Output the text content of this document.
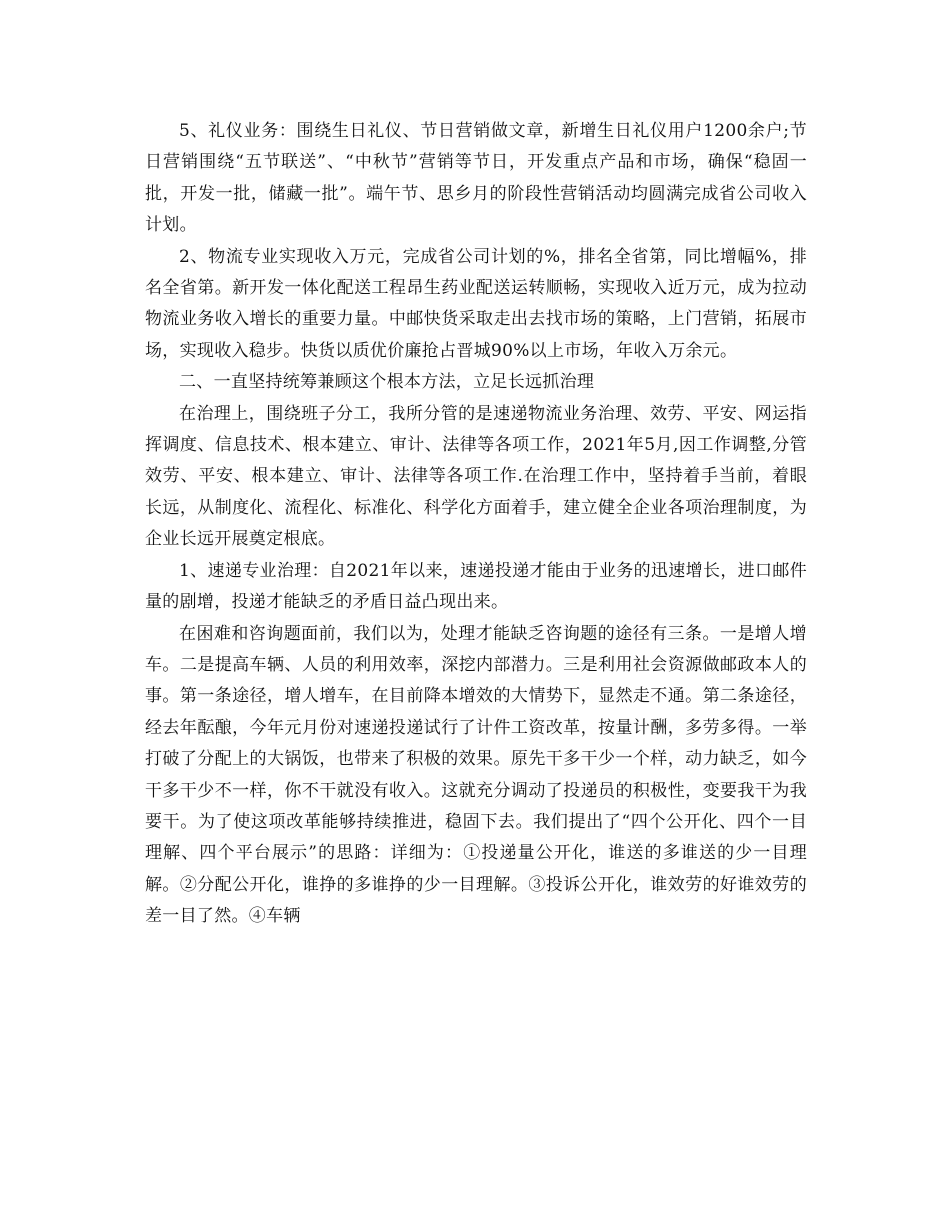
5、礼仪业务：围绕生日礼仪、节日营销做文章，新增生日礼仪用户1200余户;节日营销围绕“五节联送”、“中秋节”营销等节日，开发重点产品和市场，确保“稳固一批，开发一批，储藏一批”。端午节、思乡月的阶段性营销活动均圆满完成省公司收入计划。

2、物流专业实现收入万元，完成省公司计划的%，排名全省第，同比增幅%，排名全省第。新开发一体化配送工程昂生药业配送运转顺畅，实现收入近万元，成为拉动物流业务收入增长的重要力量。中邮快货采取走出去找市场的策略，上门营销，拓展市场，实现收入稳步。快货以质优价廉抢占晋城90%以上市场，年收入万余元。

二、一直坚持统筹兼顾这个根本方法，立足长远抓治理

在治理上，围绕班子分工，我所分管的是速递物流业务治理、效劳、平安、网运指挥调度、信息技术、根本建立、审计、法律等各项工作，2021年5月,因工作调整,分管效劳、平安、根本建立、审计、法律等各项工作.在治理工作中，坚持着手当前，着眼长远，从制度化、流程化、标准化、科学化方面着手，建立健全企业各项治理制度，为企业长远开展奠定根底。

1、速递专业治理：自2021年以来，速递投递才能由于业务的迅速增长，进口邮件量的剧增，投递才能缺乏的矛盾日益凸现出来。

在困难和咨询题面前，我们以为，处理才能缺乏咨询题的途径有三条。一是增人增车。二是提高车辆、人员的利用效率，深挖内部潜力。三是利用社会资源做邮政本人的事。第一条途径，增人增车，在目前降本增效的大情势下，显然走不通。第二条途径，经去年酝酿，今年元月份对速递投递试行了计件工资改革，按量计酬，多劳多得。一举打破了分配上的大锅饭，也带来了积极的效果。原先干多干少一个样，动力缺乏，如今干多干少不一样，你不干就没有收入。这就充分调动了投递员的积极性，变要我干为我要干。为了使这项改革能够持续推进，稳固下去。我们提出了“四个公开化、四个一目理解、四个平台展示”的思路：详细为：①投递量公开化，谁送的多谁送的少一目理解。②分配公开化，谁挣的多谁挣的少一目理解。③投诉公开化，谁效劳的好谁效劳的差一目了然。④车辆
